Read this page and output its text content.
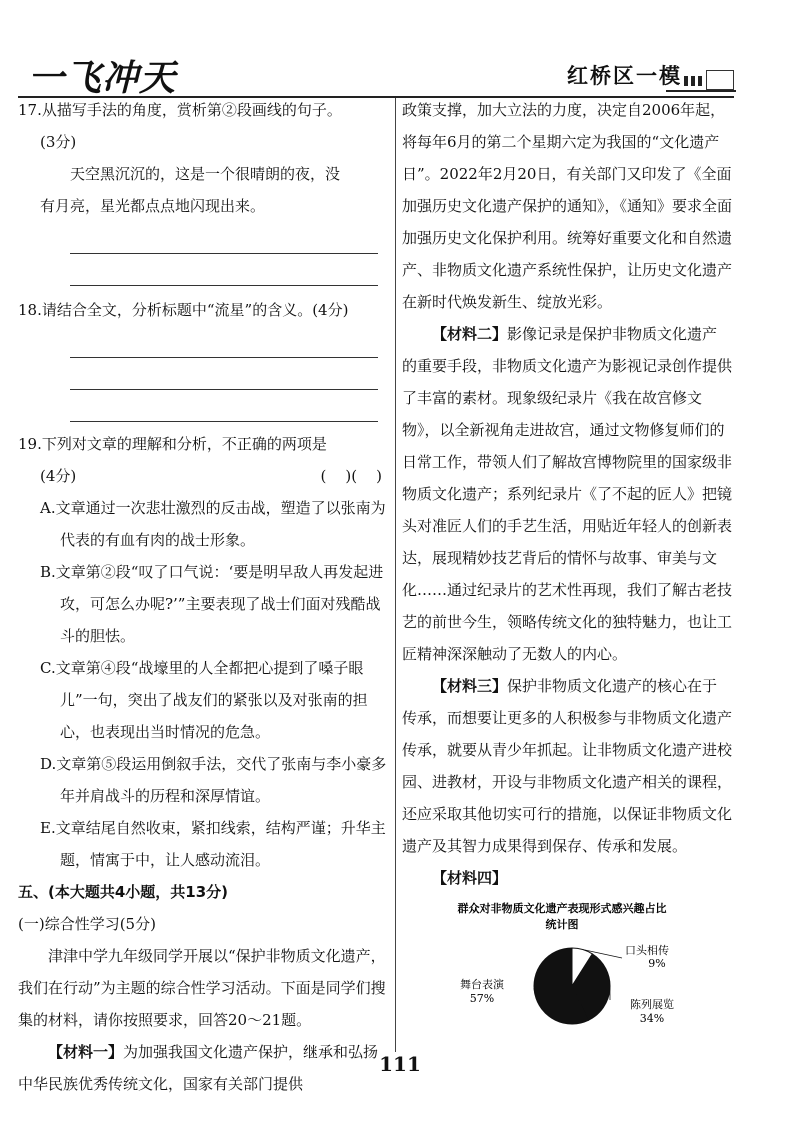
一飞冲天	红桥区一模

17.从描写手法的角度，赏析第②段画线的句子。

(3分)

天空黑沉沉的，这是一个很晴朗的夜，没

有月亮，星光都点点地闪现出来。

18.请结合全文，分析标题中“流星”的含义。(4分)

19.下列对文章的理解和分析，不正确的两项是

(4分)	(    )(    )

A.文章通过一次悲壮激烈的反击战，塑造了以张南为代表的有血有肉的战士形象。

B.文章第②段“叹了口气说：‘要是明早敌人再发起进攻，可怎么办呢?’”主要表现了战士们面对残酷战斗的胆怯。

C.文章第④段“战壕里的人全都把心提到了嗓子眼儿”一句，突出了战友们的紧张以及对张南的担心，也表现出当时情况的危急。

D.文章第⑤段运用倒叙手法，交代了张南与李小豪多年并肩战斗的历程和深厚情谊。

E.文章结尾自然收束，紧扣线索，结构严谨；升华主题，情寓于中，让人感动流泪。

五、(本大题共4小题，共13分)

(一)综合性学习(5分)

津津中学九年级同学开展以“保护非物质文化遗产，我们在行动”为主题的综合性学习活动。下面是同学们搜集的材料，请你按照要求，回答20～21题。

【材料一】为加强我国文化遗产保护，继承和弘扬中华民族优秀传统文化，国家有关部门提供

政策支撑，加大立法的力度，决定自2006年起，将每年6月的第二个星期六定为我国的“文化遗产日”。2022年2月20日，有关部门又印发了《全面加强历史文化遗产保护的通知》，《通知》要求全面加强历史文化保护利用。统筹好重要文化和自然遗产、非物质文化遗产系统性保护，让历史文化遗产在新时代焕发新生、绽放光彩。

【材料二】影像记录是保护非物质文化遗产的重要手段，非物质文化遗产为影视记录创作提供了丰富的素材。现象级纪录片《我在故宫修文物》，以全新视角走进故宫，通过文物修复师们的日常工作，带领人们了解故宫博物院里的国家级非物质文化遗产；系列纪录片《了不起的匠人》把镜头对准匠人们的手艺生活，用贴近年轻人的创新表达，展现精妙技艺背后的情怀与故事、审美与文化……通过纪录片的艺术性再现，我们了解古老技艺的前世今生，领略传统文化的独特魅力，也让工匠精神深深触动了无数人的内心。

【材料三】保护非物质文化遗产的核心在于传承，而想要让更多的人积极参与非物质文化遗产传承，就要从青少年抓起。让非物质文化遗产进校园、进教材，开设与非物质文化遗产相关的课程，还应采取其他切实可行的措施，以保证非物质文化遗产及其智力成果得到保存、传承和发展。

【材料四】

群众对非物质文化遗产表现形式感兴趣占比
统计图
口头相传
9%
陈列展览
34%
舞台表演
57%
111
